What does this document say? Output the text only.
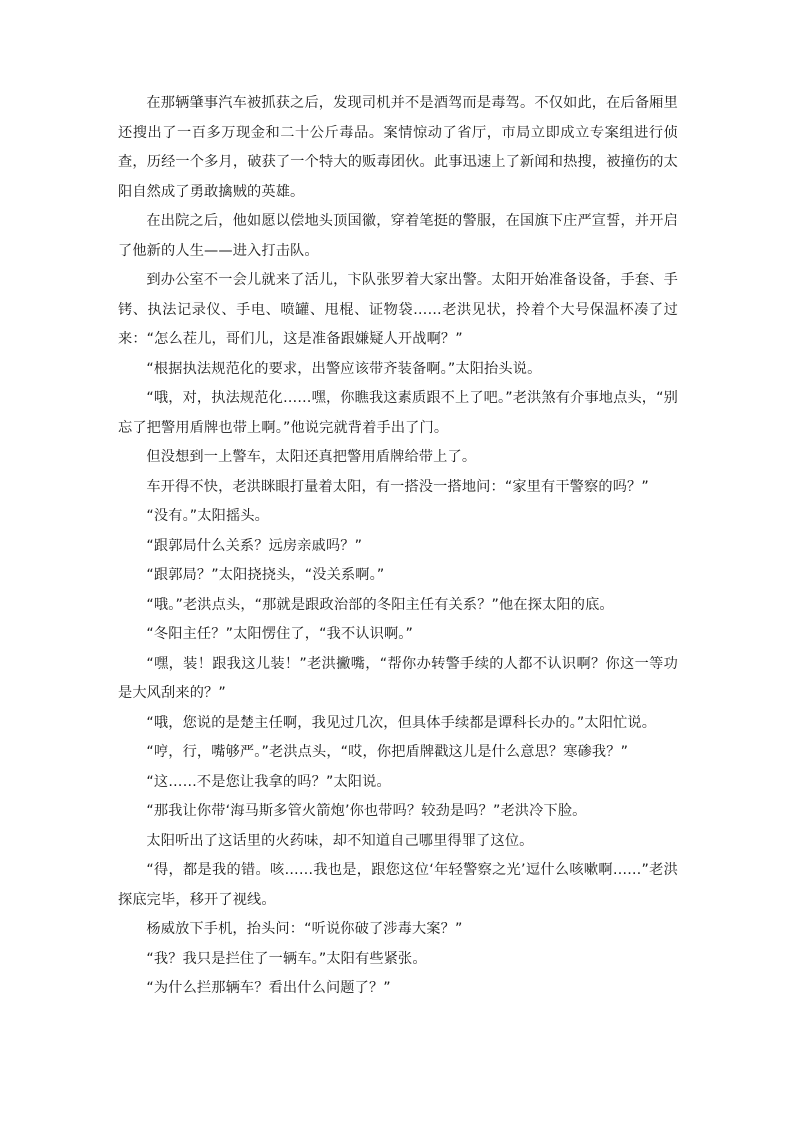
在那辆肇事汽车被抓获之后，发现司机并不是酒驾而是毒驾。不仅如此，在后备厢里还搜出了一百多万现金和二十公斤毒品。案情惊动了省厅，市局立即成立专案组进行侦查，历经一个多月，破获了一个特大的贩毒团伙。此事迅速上了新闻和热搜，被撞伤的太阳自然成了勇敢擒贼的英雄。

在出院之后，他如愿以偿地头顶国徽，穿着笔挺的警服，在国旗下庄严宣誓，并开启了他新的人生——进入打击队。

到办公室不一会儿就来了活儿，卞队张罗着大家出警。太阳开始准备设备，手套、手铐、执法记录仪、手电、喷罐、甩棍、证物袋……老洪见状，拎着个大号保温杯凑了过来：“怎么茬儿，哥们儿，这是准备跟嫌疑人开战啊？”

“根据执法规范化的要求，出警应该带齐装备啊。”太阳抬头说。

“哦，对，执法规范化……嘿，你瞧我这素质跟不上了吧。”老洪煞有介事地点头，“别忘了把警用盾牌也带上啊。”他说完就背着手出了门。

但没想到一上警车，太阳还真把警用盾牌给带上了。

车开得不快，老洪眯眼打量着太阳，有一搭没一搭地问：“家里有干警察的吗？”

“没有。”太阳摇头。

“跟郭局什么关系？远房亲戚吗？”

“跟郭局？”太阳挠挠头，“没关系啊。”

“哦。”老洪点头，“那就是跟政治部的冬阳主任有关系？”他在探太阳的底。

“冬阳主任？”太阳愣住了，“我不认识啊。”

“嘿，装！跟我这儿装！”老洪撇嘴，“帮你办转警手续的人都不认识啊？你这一等功是大风刮来的？”

“哦，您说的是楚主任啊，我见过几次，但具体手续都是谭科长办的。”太阳忙说。

“哼，行，嘴够严。”老洪点头，“哎，你把盾牌戳这儿是什么意思？寒碜我？”

“这……不是您让我拿的吗？”太阳说。

“那我让你带‘海马斯多管火箭炮’你也带吗？较劲是吗？”老洪冷下脸。

太阳听出了这话里的火药味，却不知道自己哪里得罪了这位。

“得，都是我的错。咳……我也是，跟您这位‘年轻警察之光’逗什么咳嗽啊……”老洪探底完毕，移开了视线。

杨威放下手机，抬头问：“听说你破了涉毒大案？”

“我？我只是拦住了一辆车。”太阳有些紧张。

“为什么拦那辆车？看出什么问题了？”
